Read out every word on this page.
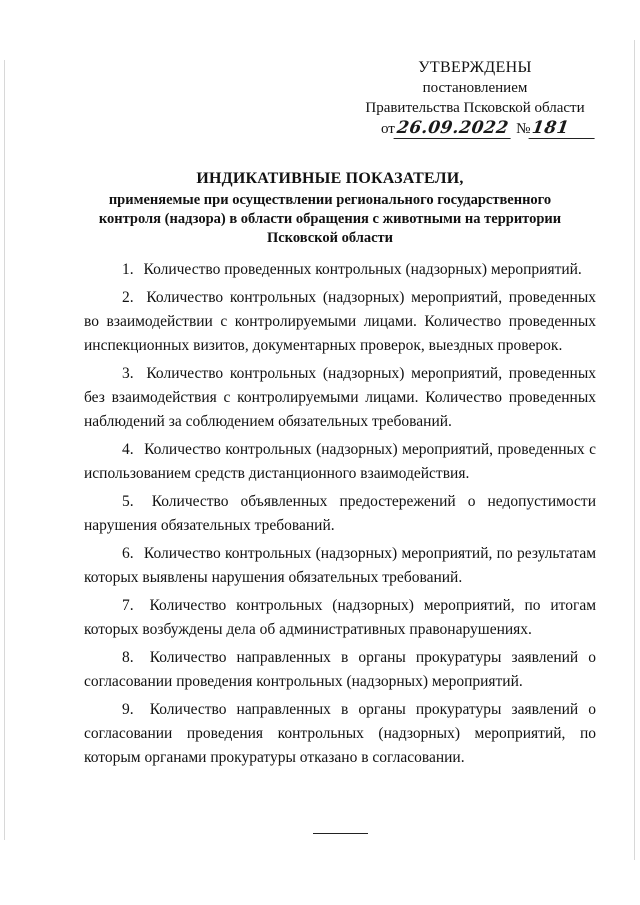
УТВЕРЖДЕНЫ
постановлением
Правительства Псковской области
от26.09.2022 №181
ИНДИКАТИВНЫЕ ПОКАЗАТЕЛИ,
применяемые при осуществлении регионального государственного контроля (надзора) в области обращения с животными на территории Псковской области

1. Количество проведенных контрольных (надзорных) мероприятий.

2. Количество контрольных (надзорных) мероприятий, проведенных во взаимодействии с контролируемыми лицами. Количество проведенных инспекционных визитов, документарных проверок, выездных проверок.

3. Количество контрольных (надзорных) мероприятий, проведенных без взаимодействия с контролируемыми лицами. Количество проведенных наблюдений за соблюдением обязательных требований.

4. Количество контрольных (надзорных) мероприятий, проведенных с использованием средств дистанционного взаимодействия.

5. Количество объявленных предостережений о недопустимости нарушения обязательных требований.

6. Количество контрольных (надзорных) мероприятий, по результатам которых выявлены нарушения обязательных требований.

7. Количество контрольных (надзорных) мероприятий, по итогам которых возбуждены дела об административных правонарушениях.

8. Количество направленных в органы прокуратуры заявлений о согласовании проведения контрольных (надзорных) мероприятий.

9. Количество направленных в органы прокуратуры заявлений о согласовании проведения контрольных (надзорных) мероприятий, по которым органами прокуратуры отказано в согласовании.
